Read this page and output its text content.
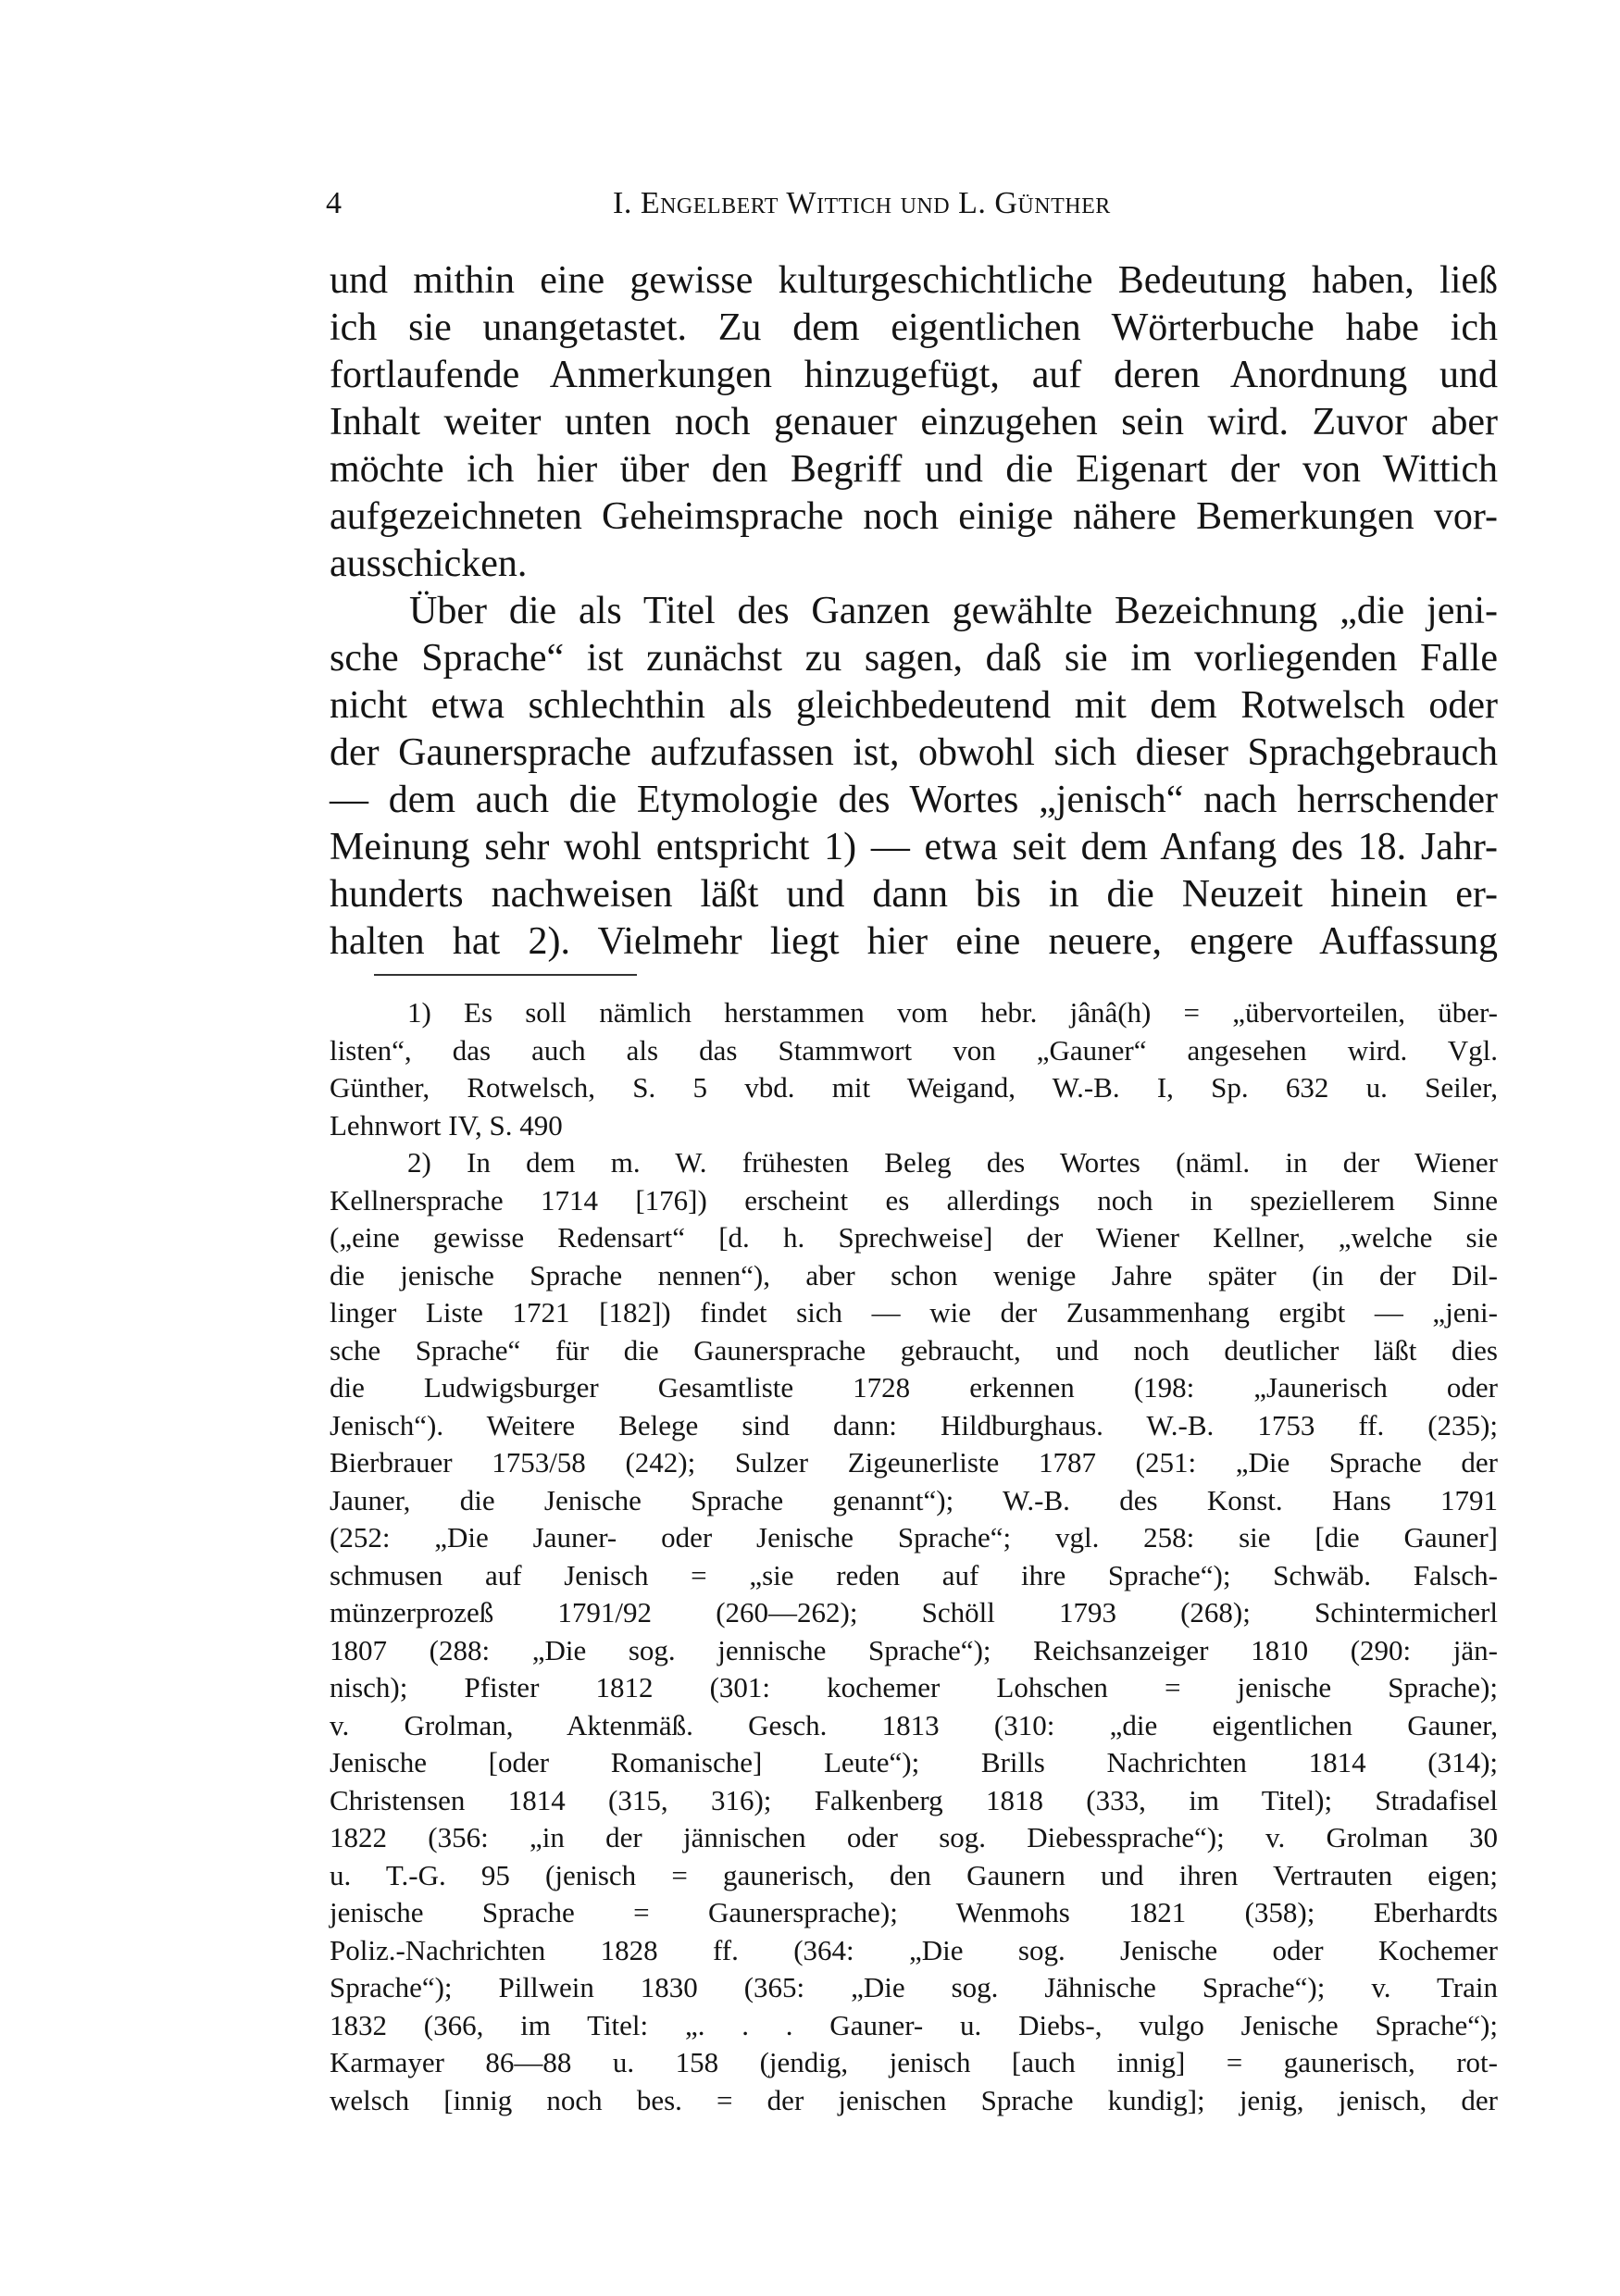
4	I. Engelbert Wittich und L. Günther
und mithin eine gewisse kulturgeschichtliche Bedeutung haben, ließ
ich sie unangetastet. Zu dem eigentlichen Wörterbuche habe ich
fortlaufende Anmerkungen hinzugefügt, auf deren Anordnung und
Inhalt weiter unten noch genauer einzugehen sein wird. Zuvor aber
möchte ich hier über den Begriff und die Eigenart der von Wittich
aufgezeichneten Geheimsprache noch einige nähere Bemerkungen vor-
ausschicken.
Über die als Titel des Ganzen gewählte Bezeichnung „die jeni-
sche Sprache“ ist zunächst zu sagen, daß sie im vorliegenden Falle
nicht etwa schlechthin als gleichbedeutend mit dem Rotwelsch oder
der Gaunersprache aufzufassen ist, obwohl sich dieser Sprachgebrauch
— dem auch die Etymologie des Wortes „jenisch“ nach herrschender
Meinung sehr wohl entspricht 1) — etwa seit dem Anfang des 18. Jahr-
hunderts nachweisen läßt und dann bis in die Neuzeit hinein er-
halten hat 2). Vielmehr liegt hier eine neuere, engere Auffassung
1) Es soll nämlich herstammen vom hebr. jânâ(h) = „übervorteilen, über-
listen“, das auch als das Stammwort von „Gauner“ angesehen wird. Vgl.
Günther, Rotwelsch, S. 5 vbd. mit Weigand, W.-B. I, Sp. 632 u. Seiler,
Lehnwort IV, S. 490
2) In dem m. W. frühesten Beleg des Wortes (näml. in der Wiener
Kellnersprache 1714 [176]) erscheint es allerdings noch in speziellerem Sinne
(„eine gewisse Redensart“ [d. h. Sprechweise] der Wiener Kellner, „welche sie
die jenische Sprache nennen“), aber schon wenige Jahre später (in der Dil-
linger Liste 1721 [182]) findet sich — wie der Zusammenhang ergibt — „jeni-
sche Sprache“ für die Gaunersprache gebraucht, und noch deutlicher läßt dies
die Ludwigsburger Gesamtliste 1728 erkennen (198: „Jaunerisch oder
Jenisch“). Weitere Belege sind dann: Hildburghaus. W.-B. 1753 ff. (235);
Bierbrauer 1753/58 (242); Sulzer Zigeunerliste 1787 (251: „Die Sprache der
Jauner, die Jenische Sprache genannt“); W.-B. des Konst. Hans 1791
(252: „Die Jauner- oder Jenische Sprache“; vgl. 258: sie [die Gauner]
schmusen auf Jenisch = „sie reden auf ihre Sprache“); Schwäb. Falsch-
münzerprozeß 1791/92 (260—262); Schöll 1793 (268); Schintermicherl
1807 (288: „Die sog. jennische Sprache“); Reichsanzeiger 1810 (290: jän-
nisch); Pfister 1812 (301: kochemer Lohschen = jenische Sprache);
v. Grolman, Aktenmäß. Gesch. 1813 (310: „die eigentlichen Gauner,
Jenische [oder Romanische] Leute“); Brills Nachrichten 1814 (314);
Christensen 1814 (315, 316); Falkenberg 1818 (333, im Titel); Stradafisel
1822 (356: „in der jännischen oder sog. Diebessprache“); v. Grolman 30
u. T.-G. 95 (jenisch = gaunerisch, den Gaunern und ihren Vertrauten eigen;
jenische Sprache = Gaunersprache); Wenmohs 1821 (358); Eberhardts
Poliz.-Nachrichten 1828 ff. (364: „Die sog. Jenische oder Kochemer
Sprache“); Pillwein 1830 (365: „Die sog. Jähnische Sprache“); v. Train
1832 (366, im Titel: „. . . Gauner- u. Diebs-, vulgo Jenische Sprache“);
Karmayer 86—88 u. 158 (jendig, jenisch [auch innig] = gaunerisch, rot-
welsch [innig noch bes. = der jenischen Sprache kundig]; jenig, jenisch, der
